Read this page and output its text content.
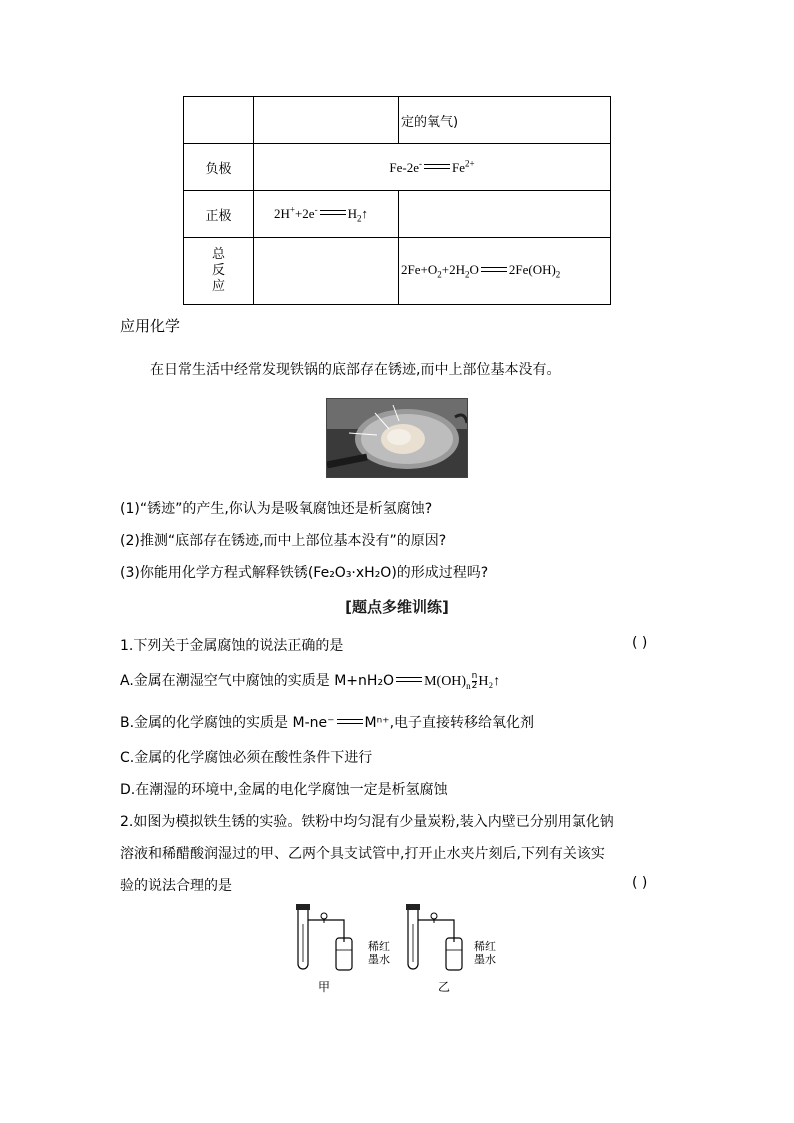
		定的氧气)
负极	Fe-2e- $Fe^{2+}$
正极	2H++2e- $H_2↑$	

总
反
应		$2Fe+O_2+2H_2O$ $2Fe(OH)_2$
应用化学
在日常生活中经常发现铁锅的底部存在锈迹,而中上部位基本没有。
(1)“锈迹”的产生,你认为是吸氧腐蚀还是析氢腐蚀?
(2)推测“底部存在锈迹,而中上部位基本没有”的原因?
(3)你能用化学方程式解释铁锈(Fe₂O₃·xH₂O)的形成过程吗?
[题点多维训练]
1.下列关于金属腐蚀的说法正确的是	( )
A.金属在潮湿空气中腐蚀的实质是 M+nH₂O $M(OH)_n \frac{n}{2}$ H₂↑
B.金属的化学腐蚀的实质是 M-ne⁻ Mⁿ⁺,电子直接转移给氧化剂
C.金属的化学腐蚀必须在酸性条件下进行
D.在潮湿的环境中,金属的电化学腐蚀一定是析氢腐蚀
2.如图为模拟铁生锈的实验。铁粉中均匀混有少量炭粉,装入内壁已分别用氯化钠
溶液和稀醋酸润湿过的甲、乙两个具支试管中,打开止水夹片刻后,下列有关该实
验的说法合理的是	( )
稀红
墨水
稀红
墨水
甲	乙
